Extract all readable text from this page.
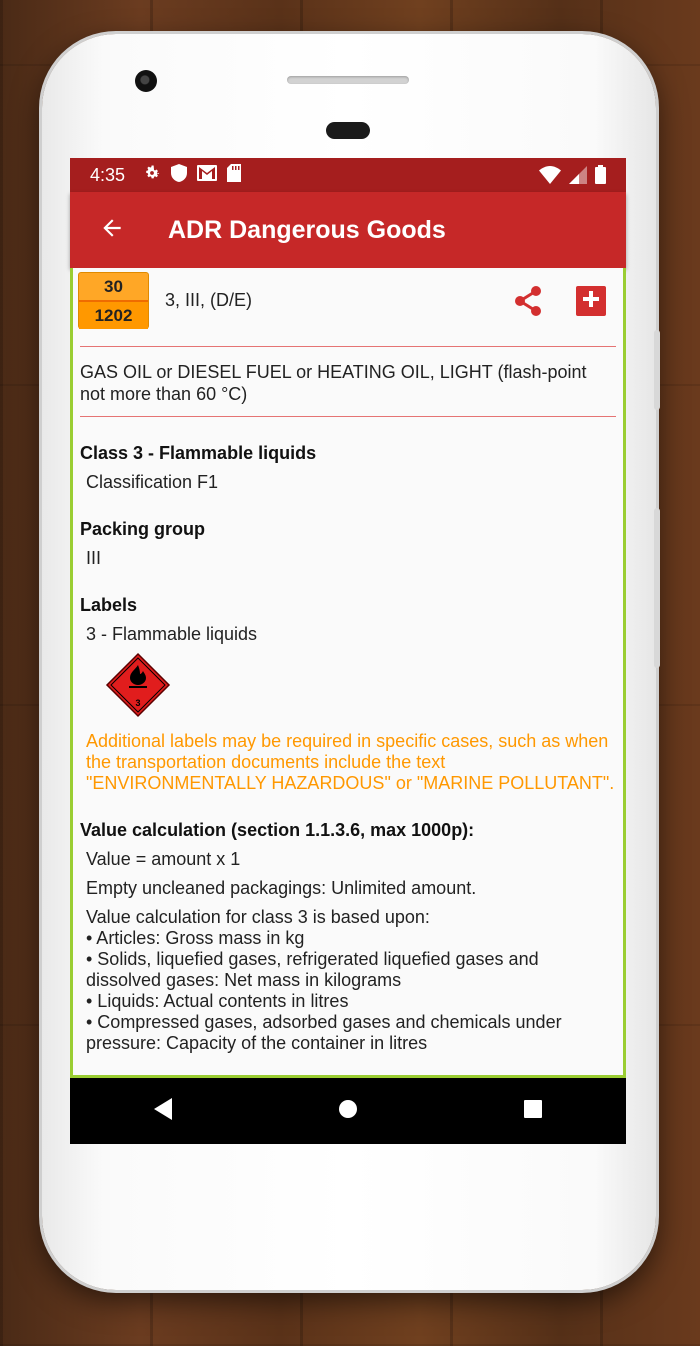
4:35
ADR Dangerous Goods
30
1202
3, III, (D/E)
GAS OIL or DIESEL FUEL or HEATING OIL, LIGHT (flash-point not more than 60 °C)
Class 3 - Flammable liquids
Classification F1
Packing group
III
Labels
3 - Flammable liquids
3
Additional labels may be required in specific cases, such as when the transportation documents include the text "ENVIRONMENTALLY HAZARDOUS" or "MARINE POLLUTANT".
Value calculation (section 1.1.3.6, max 1000p):
Value = amount x 1
Empty uncleaned packagings: Unlimited amount.
Value calculation for class 3 is based upon:
• Articles: Gross mass in kg
• Solids, liquefied gases, refrigerated liquefied gases and dissolved gases: Net mass in kilograms
• Liquids: Actual contents in litres
• Compressed gases, adsorbed gases and chemicals under pressure: Capacity of the container in litres
